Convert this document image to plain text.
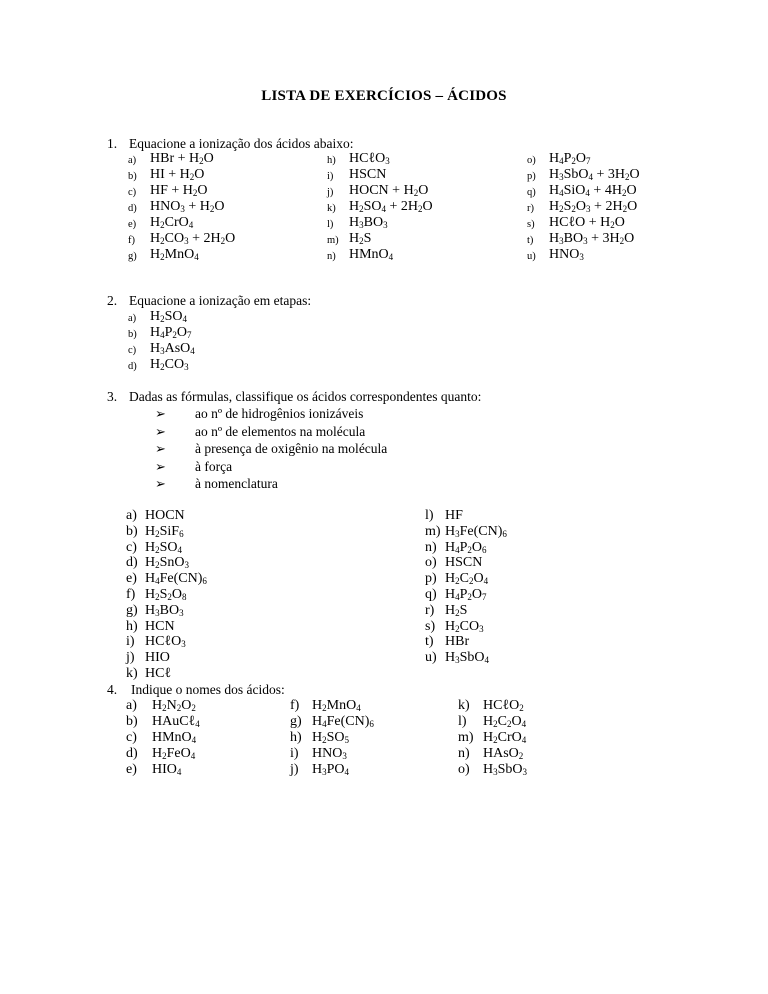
LISTA DE EXERCÍCIOS – ÁCIDOS
1. Equacione a ionização dos ácidos abaixo:
a) HBr + $H_2O$
b) HI + $H_2O$
c) HF + $H_2O$
d) $HNO_3 + H_2O$
e) $H_2CrO_4$
f) $H_2CO_3 + 2H_2O$
g) $H_2MnO_4$
h) HCℓO$_3$
i) HSCN
j) HOCN + $H_2O$
k) $H_2SO_4 + 2H_2O$
l) $H_3BO_3$
m) $H_2S$
n) HMnO$_4$
o) $H_4P_2O_7$
p) $H_3SbO_4 + 3H_2O$
q) $H_4SiO_4 + 4H_2O$
r) $H_2S_2O_3 + 2H_2O$
s) HCℓO + $H_2O$
t) $H_3BO_3 + 3H_2O$
u) $HNO_3$
2. Equacione a ionização em etapas:
a) $H_2SO_4$
b) $H_4P_2O_7$
c) $H_3AsO_4$
d) $H_2CO_3$
3. Dadas as fórmulas, classifique os ácidos correspondentes quanto:
➢ ao nº de hidrogênios ionizáveis
➢ ao nº de elementos na molécula
➢ à presença de oxigênio na molécula
➢ à força
➢ à nomenclatura
a) HOCN
b) $H_2SiF_6$
c) $H_2SO_4$
d) $H_2SnO_3$
e) $H_4Fe(CN)_6$
f) $H_2S_2O_8$
g) $H_3BO_3$
h) HCN
i) HCℓO$_3$
j) HIO
k) HCℓ
l) HF
m) $H_3Fe(CN)_6$
n) $H_4P_2O_6$
o) HSCN
p) $H_2C_2O_4$
q) $H_4P_2O_7$
r) $H_2S$
s) $H_2CO_3$
t) HBr
u) $H_3SbO_4$
4. Indique o nomes dos ácidos:
a) $H_2N_2O_2$
b) HAuCℓ$_4$
c) HMnO$_4$
d) $H_2FeO_4$
e) $HIO_4$
f) $H_2MnO_4$
g) $H_4Fe(CN)_6$
h) $H_2SO_5$
i) $HNO_3$
j) $H_3PO_4$
k) HCℓO$_2$
l) $H_2C_2O_4$
m) $H_2CrO_4$
n) HAsO$_2$
o) $H_3SbO_3$
